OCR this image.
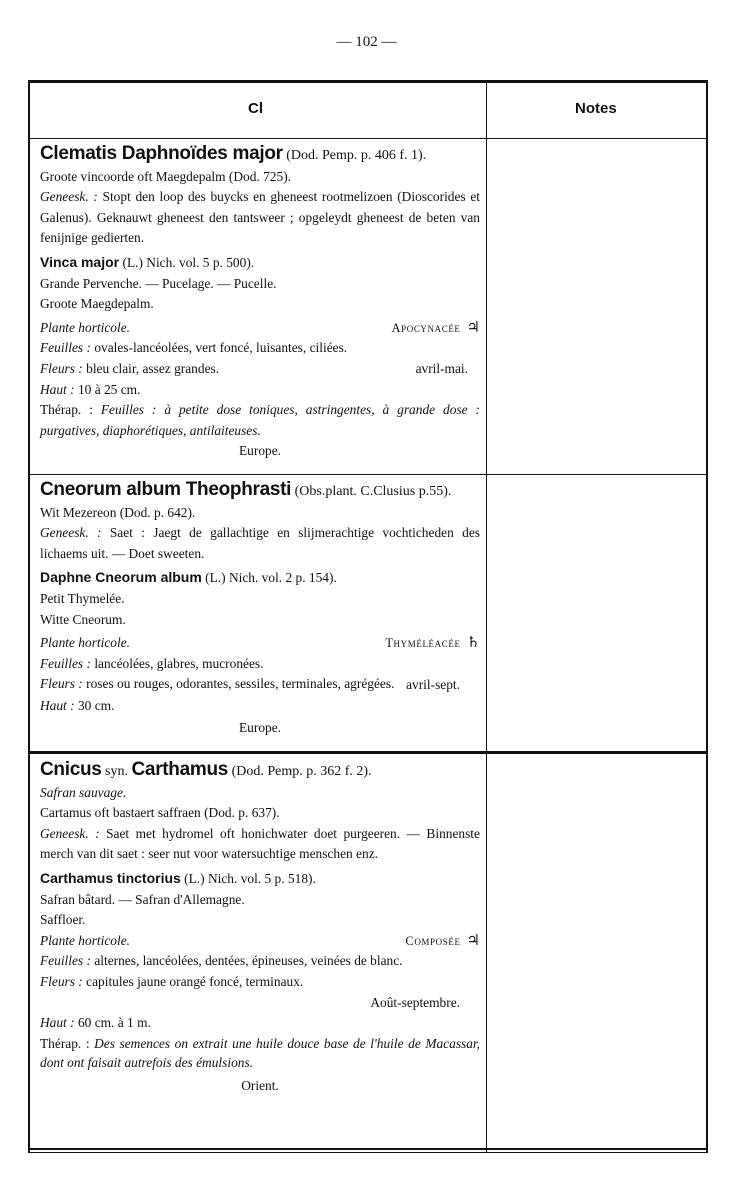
— 102 —
Cl	Notes
Clematis Daphnoïdes major (Dod. Pemp. p. 406 f. 1).
Groote vincoorde oft Maegdepalm (Dod. 725).
Geneesk. : Stopt den loop des buycks en gheneest rootmelizoen (Dioscorides et Galenus). Geknauwt gheneest den tantsweer ; opgeleydt gheneest de beten van fenijnige gedierten.
Vinca major (L.) Nich. vol. 5 p. 500).
Grande Pervenche. — Pucelage. — Pucelle.
Groote Maegdepalm.
Plante horticole.	Apocynacée ♃
Feuilles : ovales-lancéolées, vert foncé, luisantes, ciliées.
Fleurs : bleu clair, assez grandes.	avril-mai.
Haut : 10 à 25 cm.
Thérap. : Feuilles : à petite dose toniques, astringentes, à grande dose : purgatives, diaphorétiques, antilaiteuses.
Europe.
Cneorum album Theophrasti (Obs.plant. C.Clusius p.55).
Wit Mezereon (Dod. p. 642).
Geneesk. : Saet : Jaegt de gallachtige en slijmerachtige vochticheden des lichaems uit. — Doet sweeten.
Daphne Cneorum album (L.) Nich. vol. 2 p. 154).
Petit Thymelée.
Witte Cneorum.
Plante horticole.	Thyméléacée ♄
Feuilles : lancéolées, glabres, mucronées.
Fleurs : roses ou rouges, odorantes, sessiles, terminales, agrégées. avril-sept.
Haut : 30 cm.
Europe.
Cnicus syn. Carthamus (Dod. Pemp. p. 362 f. 2).
Safran sauvage.
Cartamus oft bastaert saffraen (Dod. p. 637).
Geneesk. : Saet met hydromel oft honichwater doet purgeeren. — Binnenste merch van dit saet : seer nut voor watersuchtige menschen enz.
Carthamus tinctorius (L.) Nich. vol. 5 p. 518).
Safran bâtard. — Safran d'Allemagne.
Saffloer.
Plante horticole.	Composée ♃
Feuilles : alternes, lancéolées, dentées, épineuses, veinées de blanc.
Fleurs : capitules jaune orangé foncé, terminaux.
Août-septembre.
Haut : 60 cm. à 1 m.
Thérap. : Des semences on extrait une huile douce base de l'huile de Macassar, dont ont faisait autrefois des émulsions.
Orient.
